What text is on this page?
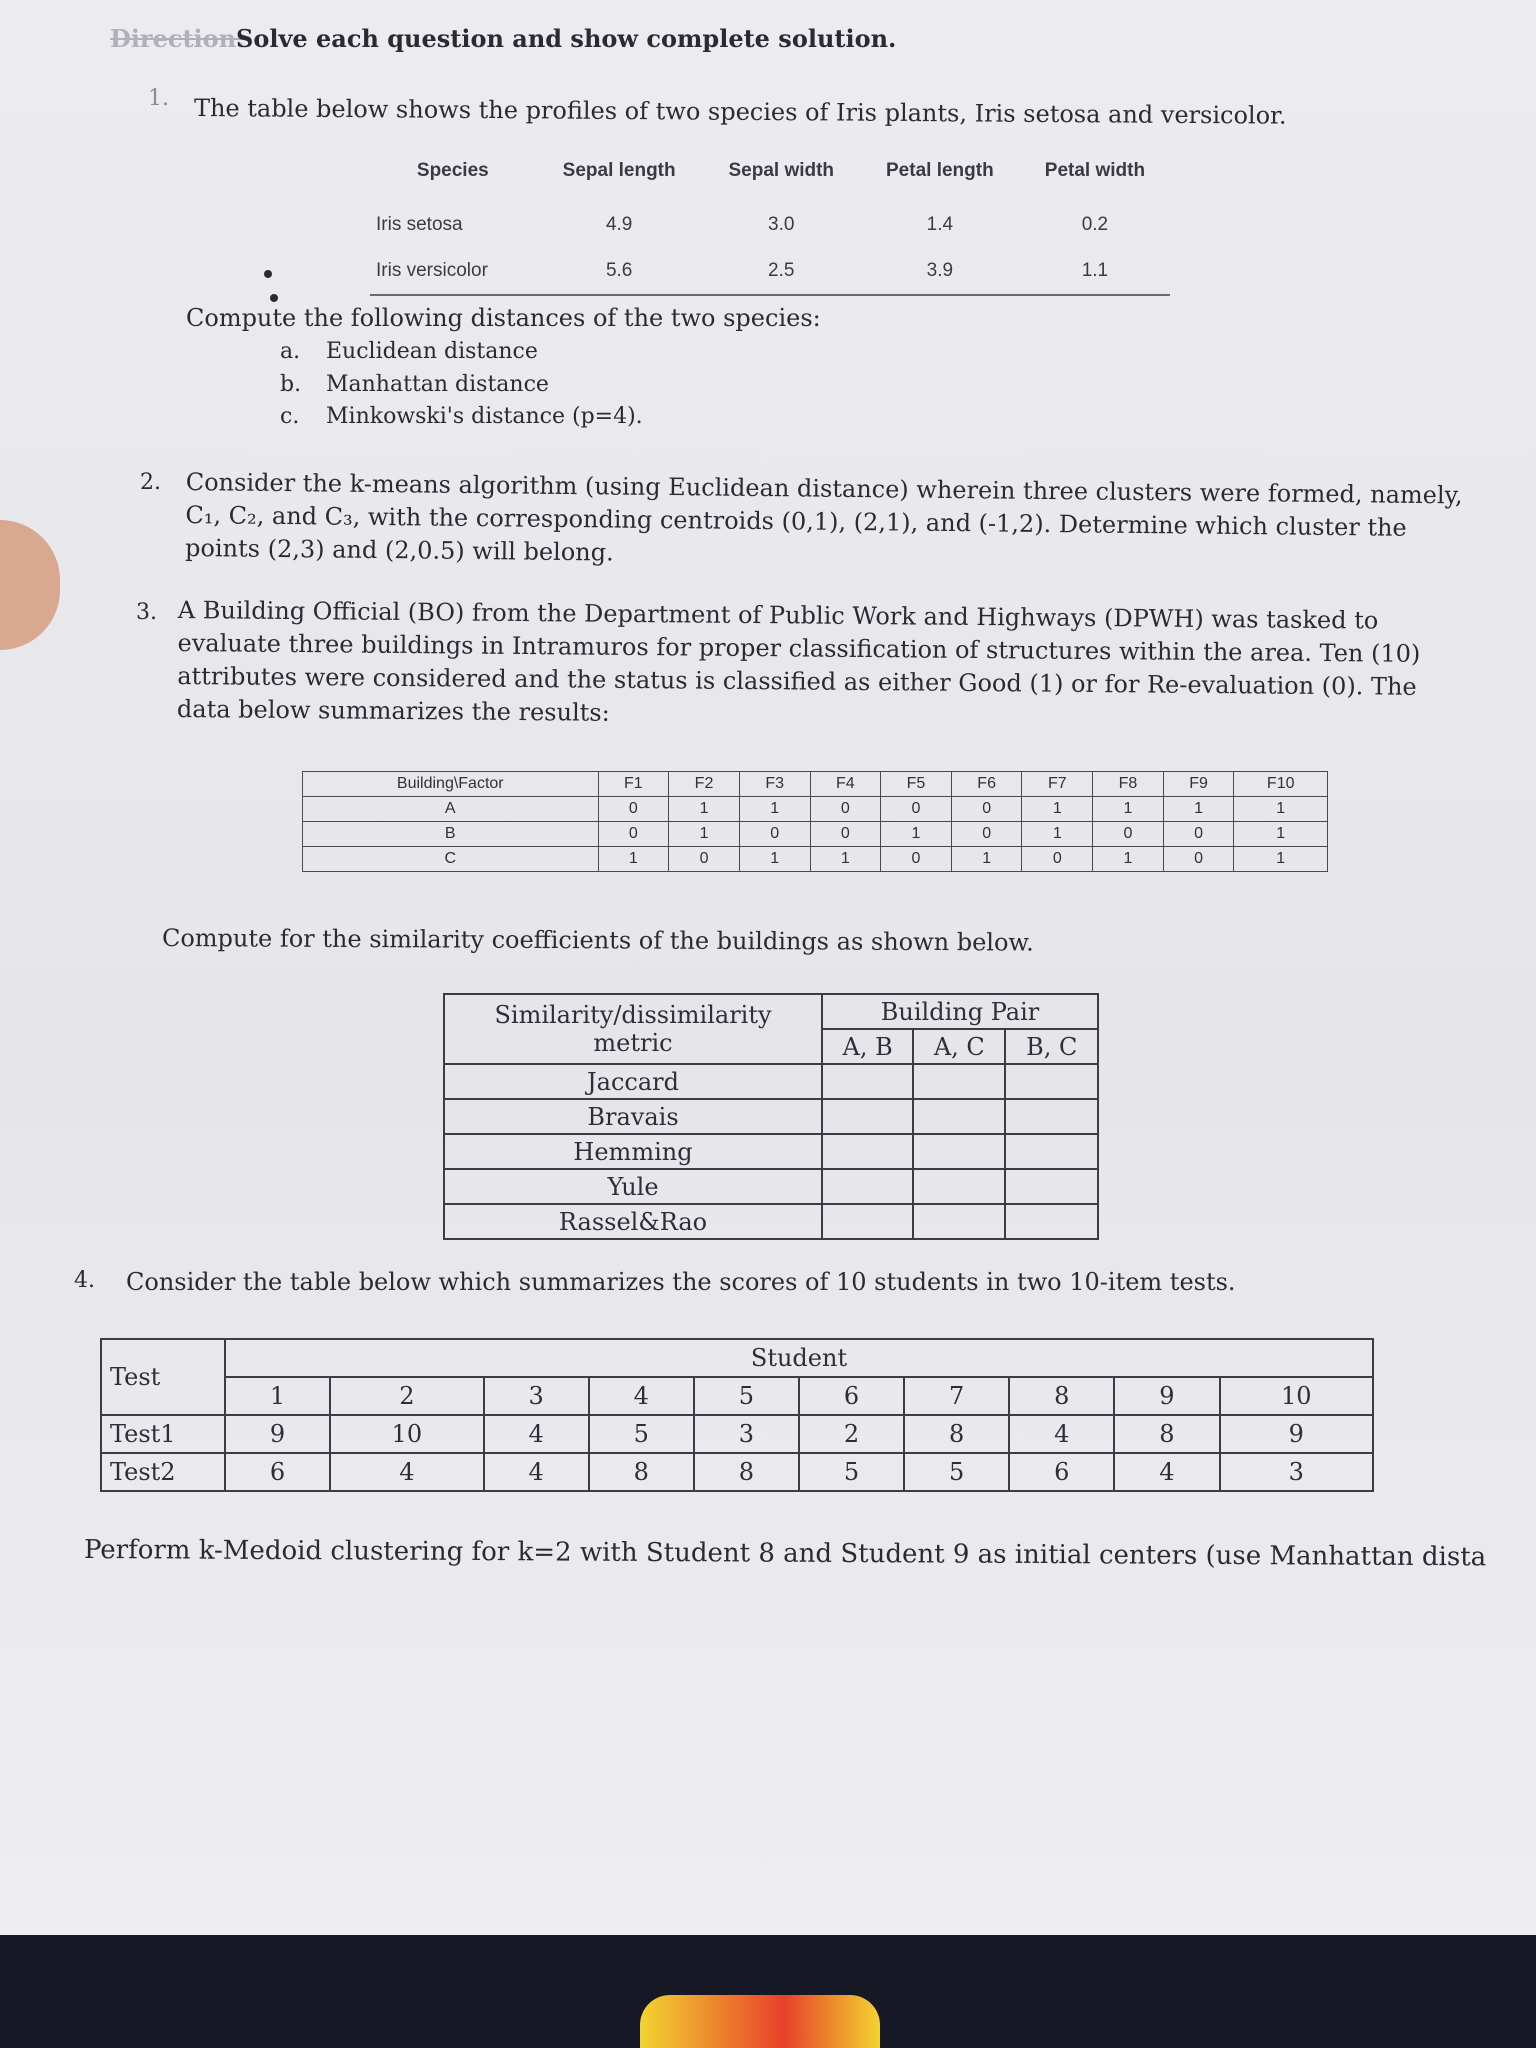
Direction:
Solve each question and show complete solution.
1. The table below shows the profiles of two species of Iris plants, Iris setosa and versicolor.
Species	Sepal length	Sepal width	Petal length	Petal width
Iris setosa	4.9	3.0	1.4	0.2
Iris versicolor	5.6	2.5	3.9	1.1
Compute the following distances of the two species:
a. Euclidean distance
b. Manhattan distance
c. Minkowski's distance (p=4).
2. Consider the k-means algorithm (using Euclidean distance) wherein three clusters were formed, namely, C₁, C₂, and C₃, with the corresponding centroids (0,1), (2,1), and (-1,2). Determine which cluster the points (2,3) and (2,0.5) will belong.
3. A Building Official (BO) from the Department of Public Work and Highways (DPWH) was tasked to evaluate three buildings in Intramuros for proper classification of structures within the area. Ten (10) attributes were considered and the status is classified as either Good (1) or for Re-evaluation (0). The data below summarizes the results:
Building\Factor	F1	F2	F3	F4	F5	F6	F7	F8	F9	F10
A	0	1	1	0	0	0	1	1	1	1
B	0	1	0	0	1	0	1	0	0	1
C	1	0	1	1	0	1	0	1	0	1
Compute for the similarity coefficients of the buildings as shown below.
Similarity/dissimilarity metric	Building Pair		
	A, B	A, C	B, C
Jaccard			
Bravais			
Hemming			
Yule			
Rassel&Rao			
4. Consider the table below which summarizes the scores of 10 students in two 10-item tests.
Test	Student									
	1	2	3	4	5	6	7	8	9	10
Test1	9	10	4	5	3	2	8	4	8	9
Test2	6	4	4	8	8	5	5	6	4	3
Perform k-Medoid clustering for k=2 with Student 8 and Student 9 as initial centers (use Manhattan dista
